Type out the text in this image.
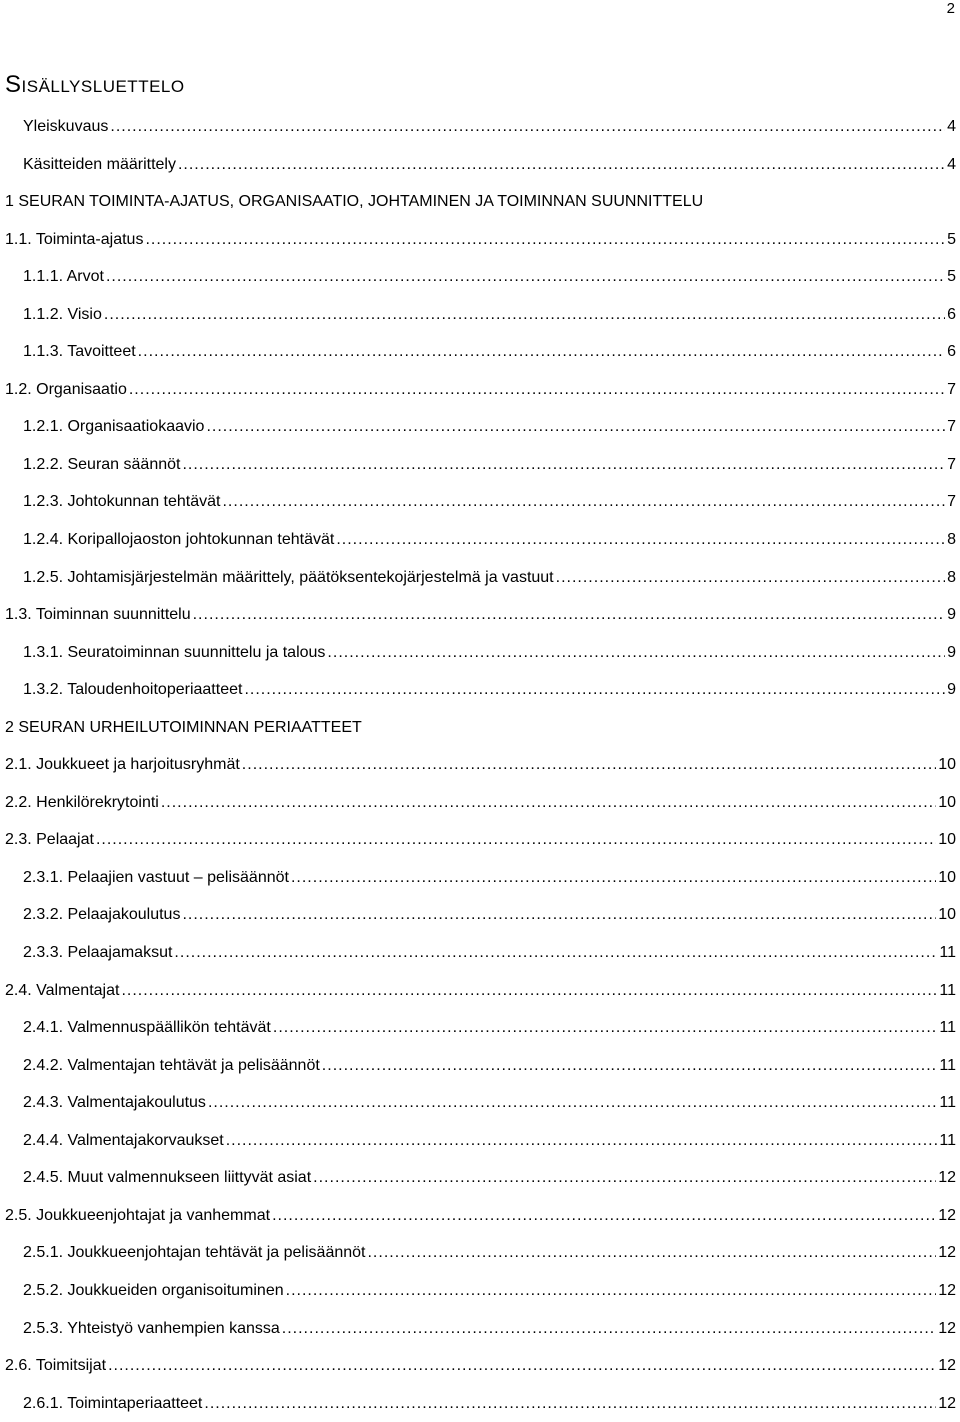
2
Sisällysluettelo
Yleiskuvaus .....	4
Käsitteiden määrittely .....	4
1 SEURAN TOIMINTA-AJATUS, ORGANISAATIO, JOHTAMINEN JA TOIMINNAN SUUNNITTELU
1.1. Toiminta-ajatus .....	5
1.1.1. Arvot .....	5
1.1.2. Visio .....	6
1.1.3. Tavoitteet .....	6
1.2. Organisaatio .....	7
1.2.1. Organisaatiokaavio .....	7
1.2.2. Seuran säännöt .....	7
1.2.3. Johtokunnan tehtävät .....	7
1.2.4. Koripallojaoston johtokunnan tehtävät .....	8
1.2.5. Johtamisjärjestelmän määrittely, päätöksentekojärjestelmä ja vastuut .....	8
1.3. Toiminnan suunnittelu .....	9
1.3.1. Seuratoiminnan suunnittelu ja talous .....	9
1.3.2. Taloudenhoitoperiaatteet .....	9
2 SEURAN URHEILUTOIMINNAN PERIAATTEET
2.1. Joukkueet ja harjoitusryhmät .....	10
2.2. Henkilörekrytointi .....	10
2.3. Pelaajat .....	10
2.3.1. Pelaajien vastuut – pelisäännöt .....	10
2.3.2. Pelaajakoulutus .....	10
2.3.3. Pelaajamaksut .....	11
2.4. Valmentajat .....	11
2.4.1. Valmennuspäällikön tehtävät .....	11
2.4.2. Valmentajan tehtävät ja pelisäännöt .....	11
2.4.3. Valmentajakoulutus .....	11
2.4.4. Valmentajakorvaukset .....	11
2.4.5. Muut valmennukseen liittyvät asiat .....	12
2.5. Joukkueenjohtajat ja vanhemmat .....	12
2.5.1. Joukkueenjohtajan tehtävät ja pelisäännöt .....	12
2.5.2. Joukkueiden organisoituminen .....	12
2.5.3. Yhteistyö vanhempien kanssa .....	12
2.6. Toimitsijat .....	12
2.6.1. Toimintaperiaatteet .....	12
